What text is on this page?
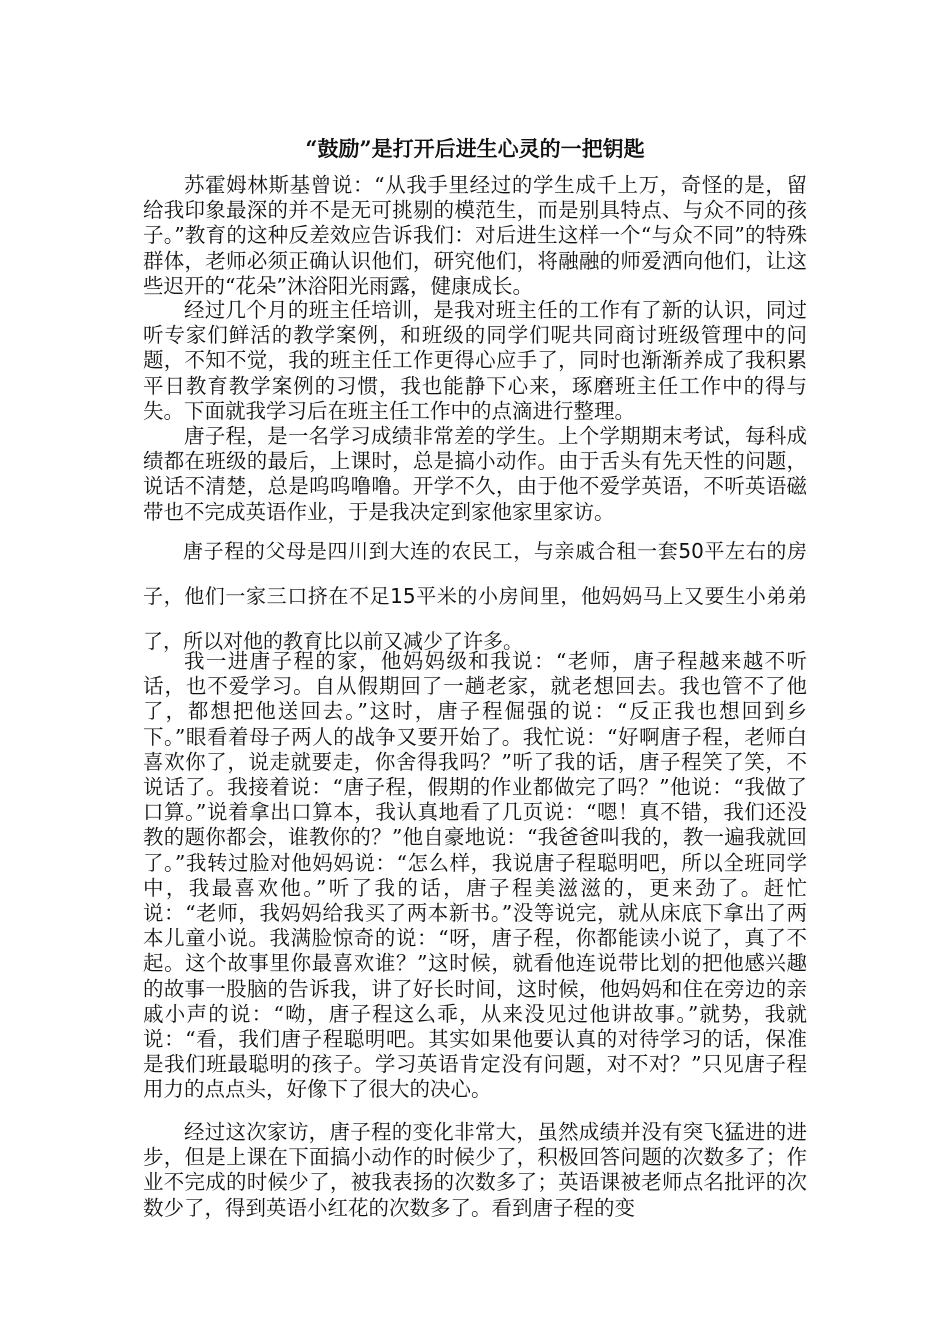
“鼓励”是打开后进生心灵的一把钥匙

苏霍姆林斯基曾说：“从我手里经过的学生成千上万，奇怪的是，留给我印象最深的并不是无可挑剔的模范生，而是别具特点、与众不同的孩子。”教育的这种反差效应告诉我们：对后进生这样一个“与众不同”的特殊群体，老师必须正确认识他们，研究他们，将融融的师爱洒向他们，让这些迟开的“花朵”沐浴阳光雨露，健康成长。

经过几个月的班主任培训，是我对班主任的工作有了新的认识，同过听专家们鲜活的教学案例，和班级的同学们呢共同商讨班级管理中的问题，不知不觉，我的班主任工作更得心应手了，同时也渐渐养成了我积累平日教育教学案例的习惯，我也能静下心来，琢磨班主任工作中的得与失。下面就我学习后在班主任工作中的点滴进行整理。

唐子程，是一名学习成绩非常差的学生。上个学期期末考试，每科成绩都在班级的最后，上课时，总是搞小动作。由于舌头有先天性的问题，说话不清楚，总是呜呜噜噜。开学不久，由于他不爱学英语，不听英语磁带也不完成英语作业，于是我决定到家他家里家访。

唐子程的父母是四川到大连的农民工，与亲戚合租一套50平左右的房子，他们一家三口挤在不足15平米的小房间里，他妈妈马上又要生小弟弟了，所以对他的教育比以前又减少了许多。

我一进唐子程的家，他妈妈级和我说：“老师，唐子程越来越不听话，也不爱学习。自从假期回了一趟老家，就老想回去。我也管不了他了，都想把他送回去。”这时，唐子程倔强的说：“反正我也想回到乡下。”眼看着母子两人的战争又要开始了。我忙说：“好啊唐子程，老师白喜欢你了，说走就要走，你舍得我吗？”听了我的话，唐子程笑了笑，不说话了。我接着说：“唐子程，假期的作业都做完了吗？”他说：“我做了口算。”说着拿出口算本，我认真地看了几页说：“嗯！真不错，我们还没教的题你都会，谁教你的？”他自豪地说：“我爸爸叫我的，教一遍我就回了。”我转过脸对他妈妈说：“怎么样，我说唐子程聪明吧，所以全班同学中，我最喜欢他。”听了我的话，唐子程美滋滋的，更来劲了。赶忙说：“老师，我妈妈给我买了两本新书。”没等说完，就从床底下拿出了两本儿童小说。我满脸惊奇的说：“呀，唐子程，你都能读小说了，真了不起。这个故事里你最喜欢谁？”这时候，就看他连说带比划的把他感兴趣的故事一股脑的告诉我，讲了好长时间，这时候，他妈妈和住在旁边的亲戚小声的说：“呦，唐子程这么乖，从来没见过他讲故事。”就势，我就说：“看，我们唐子程聪明吧。其实如果他要认真的对待学习的话，保准是我们班最聪明的孩子。学习英语肯定没有问题，对不对？”只见唐子程用力的点点头，好像下了很大的决心。

经过这次家访，唐子程的变化非常大，虽然成绩并没有突飞猛进的进步，但是上课在下面搞小动作的时候少了，积极回答问题的次数多了；作业不完成的时候少了，被我表扬的次数多了；英语课被老师点名批评的次数少了，得到英语小红花的次数多了。看到唐子程的变
